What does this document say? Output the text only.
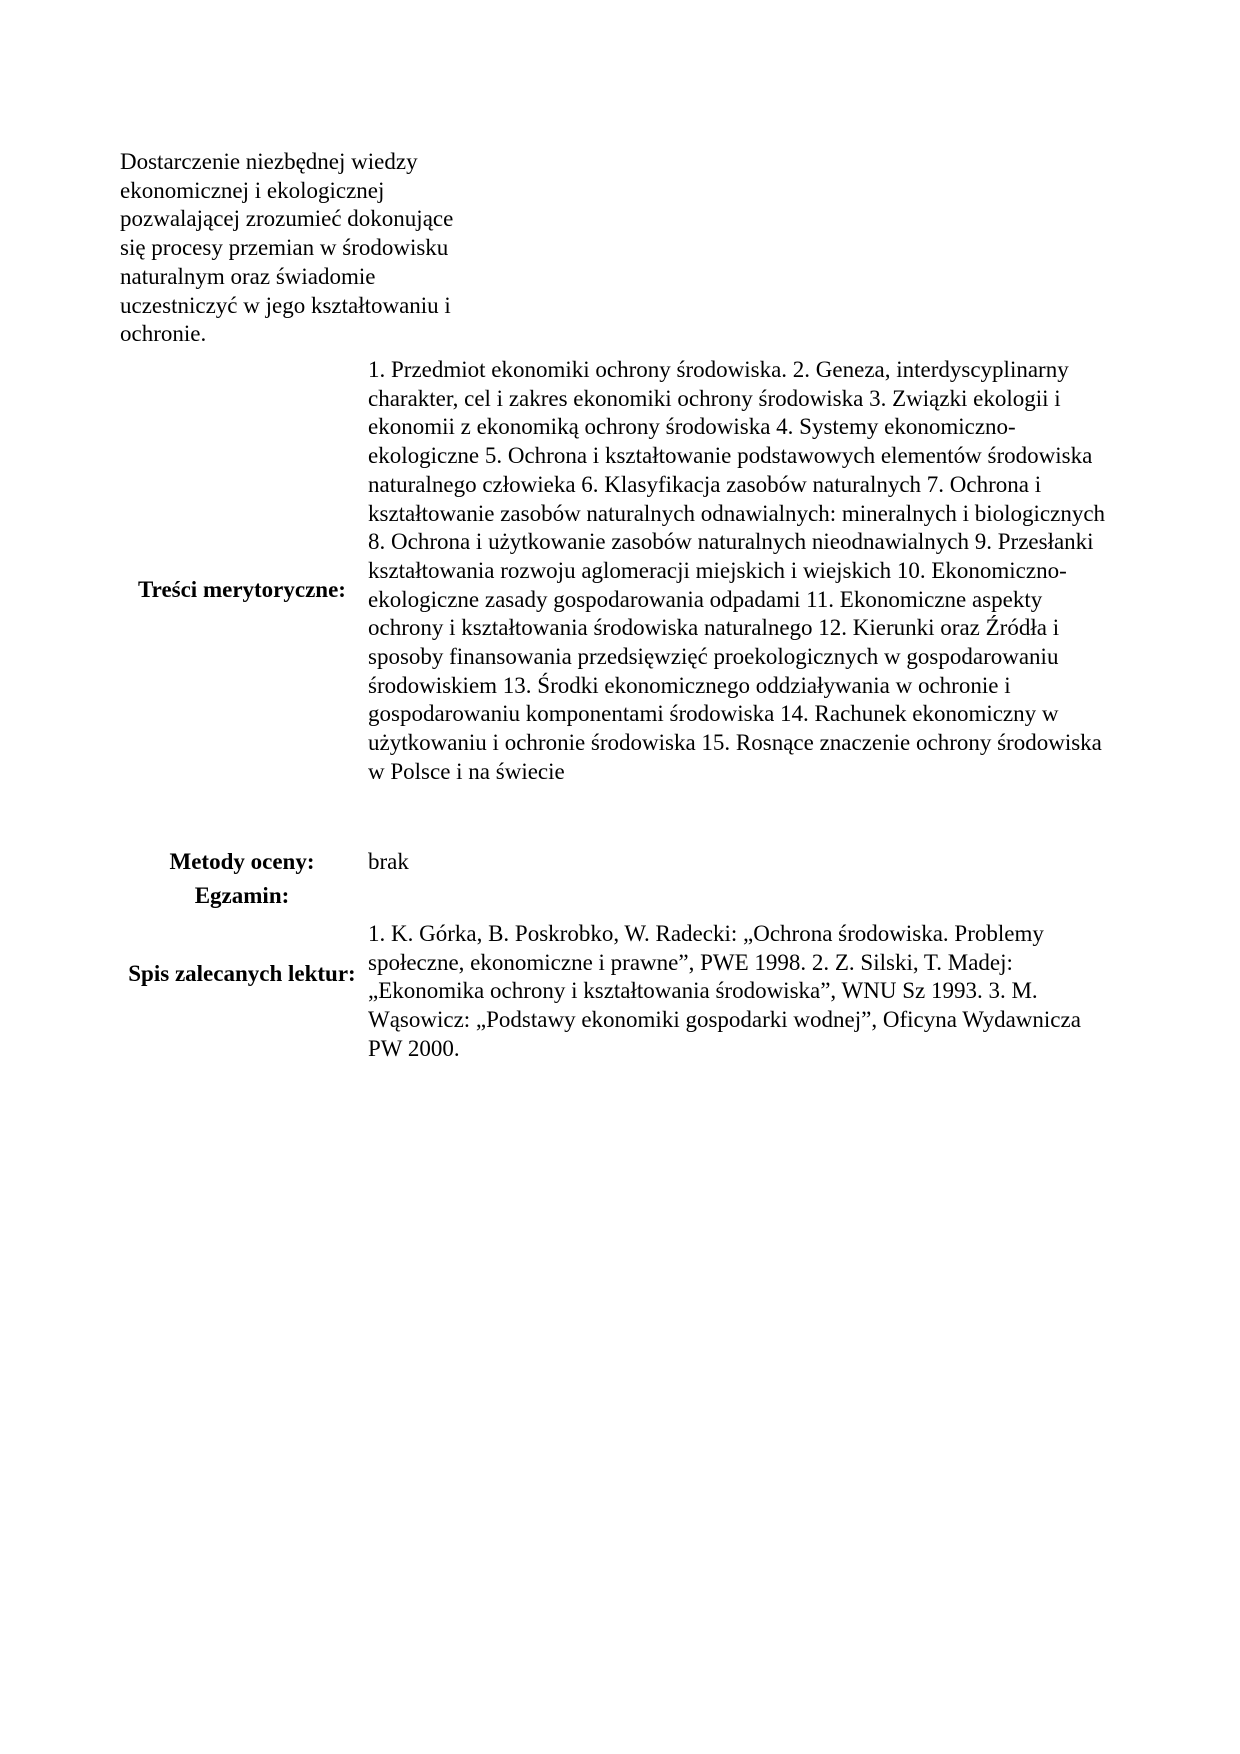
Dostarczenie niezbędnej wiedzy ekonomicznej i ekologicznej pozwalającej zrozumieć dokonujące się procesy przemian w środowisku naturalnym oraz świadomie uczestniczyć w jego kształtowaniu i ochronie.

Treści merytoryczne:

1. Przedmiot ekonomiki ochrony środowiska. 2. Geneza, interdyscyplinarny charakter, cel i zakres ekonomiki ochrony środowiska 3. Związki ekologii i ekonomii z ekonomiką ochrony środowiska 4. Systemy ekonomiczno-ekologiczne 5. Ochrona i kształtowanie podstawowych elementów środowiska naturalnego człowieka 6. Klasyfikacja zasobów naturalnych 7. Ochrona i kształtowanie zasobów naturalnych odnawialnych: mineralnych i biologicznych 8. Ochrona i użytkowanie zasobów naturalnych nieodnawialnych 9. Przesłanki kształtowania rozwoju aglomeracji miejskich i wiejskich 10. Ekonomiczno-ekologiczne zasady gospodarowania odpadami 11. Ekonomiczne aspekty ochrony i kształtowania środowiska naturalnego 12. Kierunki oraz Źródła i sposoby finansowania przedsięwzięć proekologicznych w gospodarowaniu środowiskiem 13. Środki ekonomicznego oddziaływania w ochronie i gospodarowaniu komponentami środowiska 14. Rachunek ekonomiczny w użytkowaniu i ochronie środowiska 15. Rosnące znaczenie ochrony środowiska w Polsce i na świecie

Metody oceny:	brak

Egzamin:
Spis zalecanych lektur:

1. K. Górka, B. Poskrobko, W. Radecki: „Ochrona środowiska. Problemy społeczne, ekonomiczne i prawne”, PWE 1998. 2. Z. Silski, T. Madej: „Ekonomika ochrony i kształtowania środowiska”, WNU Sz 1993. 3. M. Wąsowicz: „Podstawy ekonomiki gospodarki wodnej”, Oficyna Wydawnicza PW 2000.
